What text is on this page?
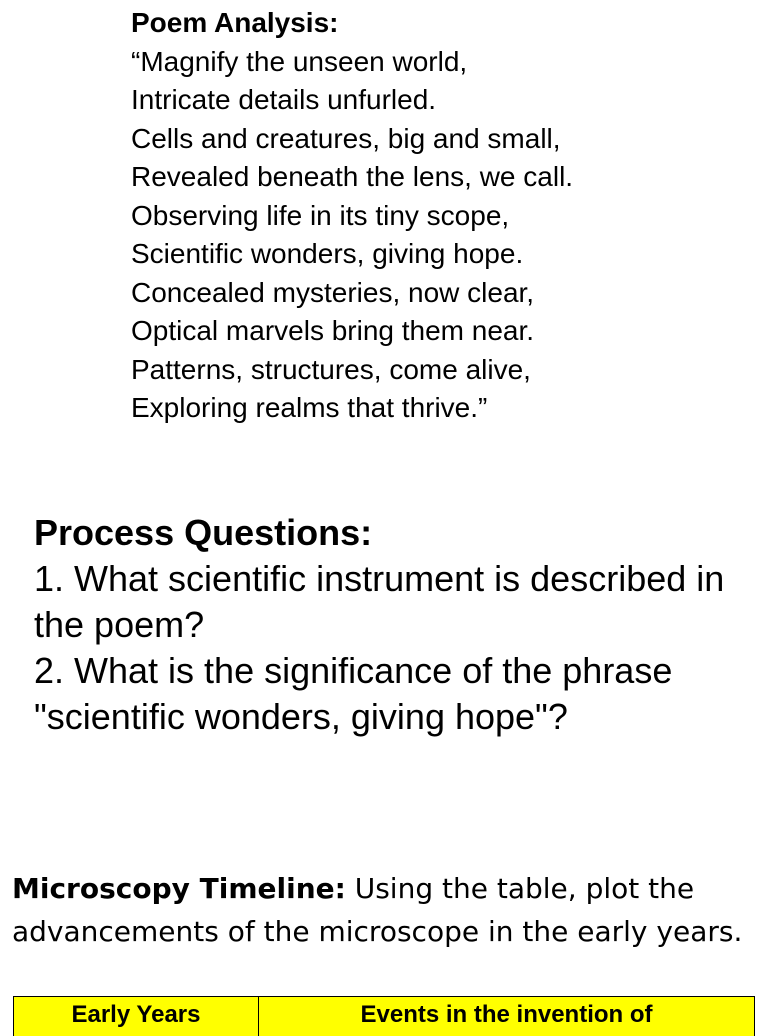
Poem Analysis:
“Magnify the unseen world,
Intricate details unfurled.
Cells and creatures, big and small,
Revealed beneath the lens, we call.
Observing life in its tiny scope,
Scientific wonders, giving hope.
Concealed mysteries, now clear,
Optical marvels bring them near.
Patterns, structures, come alive,
Exploring realms that thrive.”
Process Questions:
1. What scientific instrument is described in the poem?
2. What is the significance of the phrase "scientific wonders, giving hope"?
Microscopy Timeline: Using the table, plot the advancements of the microscope in the early years.
Early Years	Events in the invention of
